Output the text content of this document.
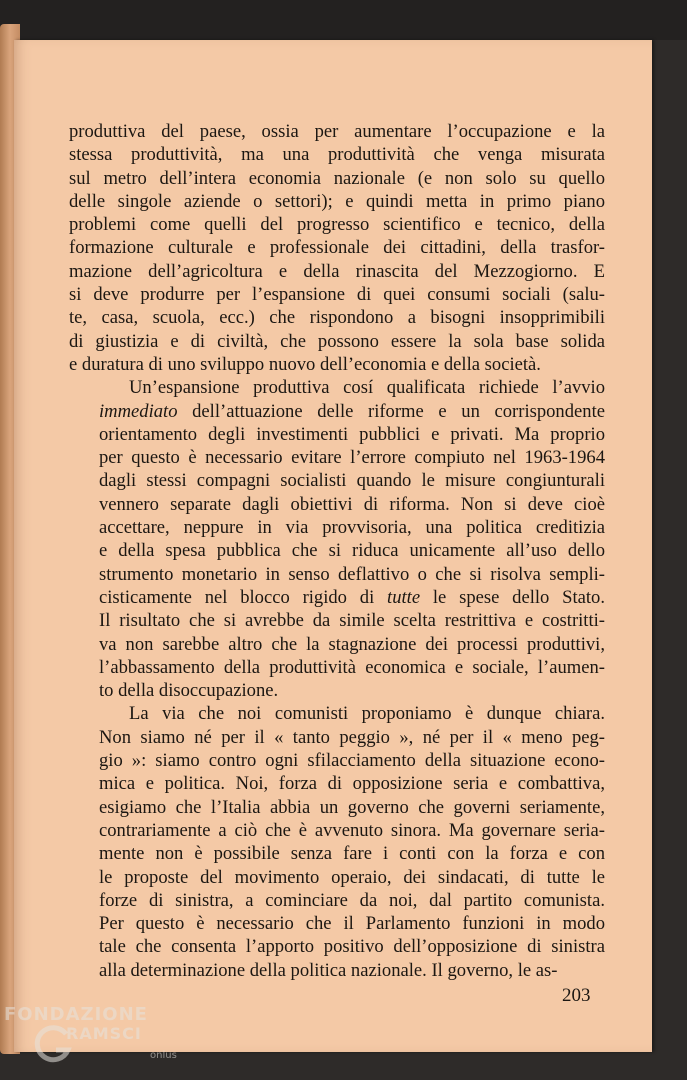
produttiva del paese, ossia per aumentare l’occupazione e la
stessa produttività, ma una produttività che venga misurata
sul metro dell’intera economia nazionale (e non solo su quello
delle singole aziende o settori); e quindi metta in primo piano
problemi come quelli del progresso scientifico e tecnico, della
formazione culturale e professionale dei cittadini, della trasfor-
mazione dell’agricoltura e della rinascita del Mezzogiorno. E
si deve produrre per l’espansione di quei consumi sociali (salu-
te, casa, scuola, ecc.) che rispondono a bisogni insopprimibili
di giustizia e di civiltà, che possono essere la sola base solida
e duratura di uno sviluppo nuovo dell’economia e della società.

Un’espansione produttiva cosí qualificata richiede l’avvio
immediato dell’attuazione delle riforme e un corrispondente
orientamento degli investimenti pubblici e privati. Ma proprio
per questo è necessario evitare l’errore compiuto nel 1963-1964
dagli stessi compagni socialisti quando le misure congiunturali
vennero separate dagli obiettivi di riforma. Non si deve cioè
accettare, neppure in via provvisoria, una politica creditizia
e della spesa pubblica che si riduca unicamente all’uso dello
strumento monetario in senso deflattivo o che si risolva sempli-
cisticamente nel blocco rigido di tutte le spese dello Stato.
Il risultato che si avrebbe da simile scelta restrittiva e costritti-
va non sarebbe altro che la stagnazione dei processi produttivi,
l’abbassamento della produttività economica e sociale, l’aumen-
to della disoccupazione.

La via che noi comunisti proponiamo è dunque chiara.
Non siamo né per il « tanto peggio », né per il « meno peg-
gio »: siamo contro ogni sfilacciamento della situazione econo-
mica e politica. Noi, forza di opposizione seria e combattiva,
esigiamo che l’Italia abbia un governo che governi seriamente,
contrariamente a ciò che è avvenuto sinora. Ma governare seria-
mente non è possibile senza fare i conti con la forza e con
le proposte del movimento operaio, dei sindacati, di tutte le
forze di sinistra, a cominciare da noi, dal partito comunista.
Per questo è necessario che il Parlamento funzioni in modo
tale che consenta l’apporto positivo dell’opposizione di sinistra
alla determinazione della politica nazionale. Il governo, le as-

203
FONDAZIONE
RAMSCI
onlus
